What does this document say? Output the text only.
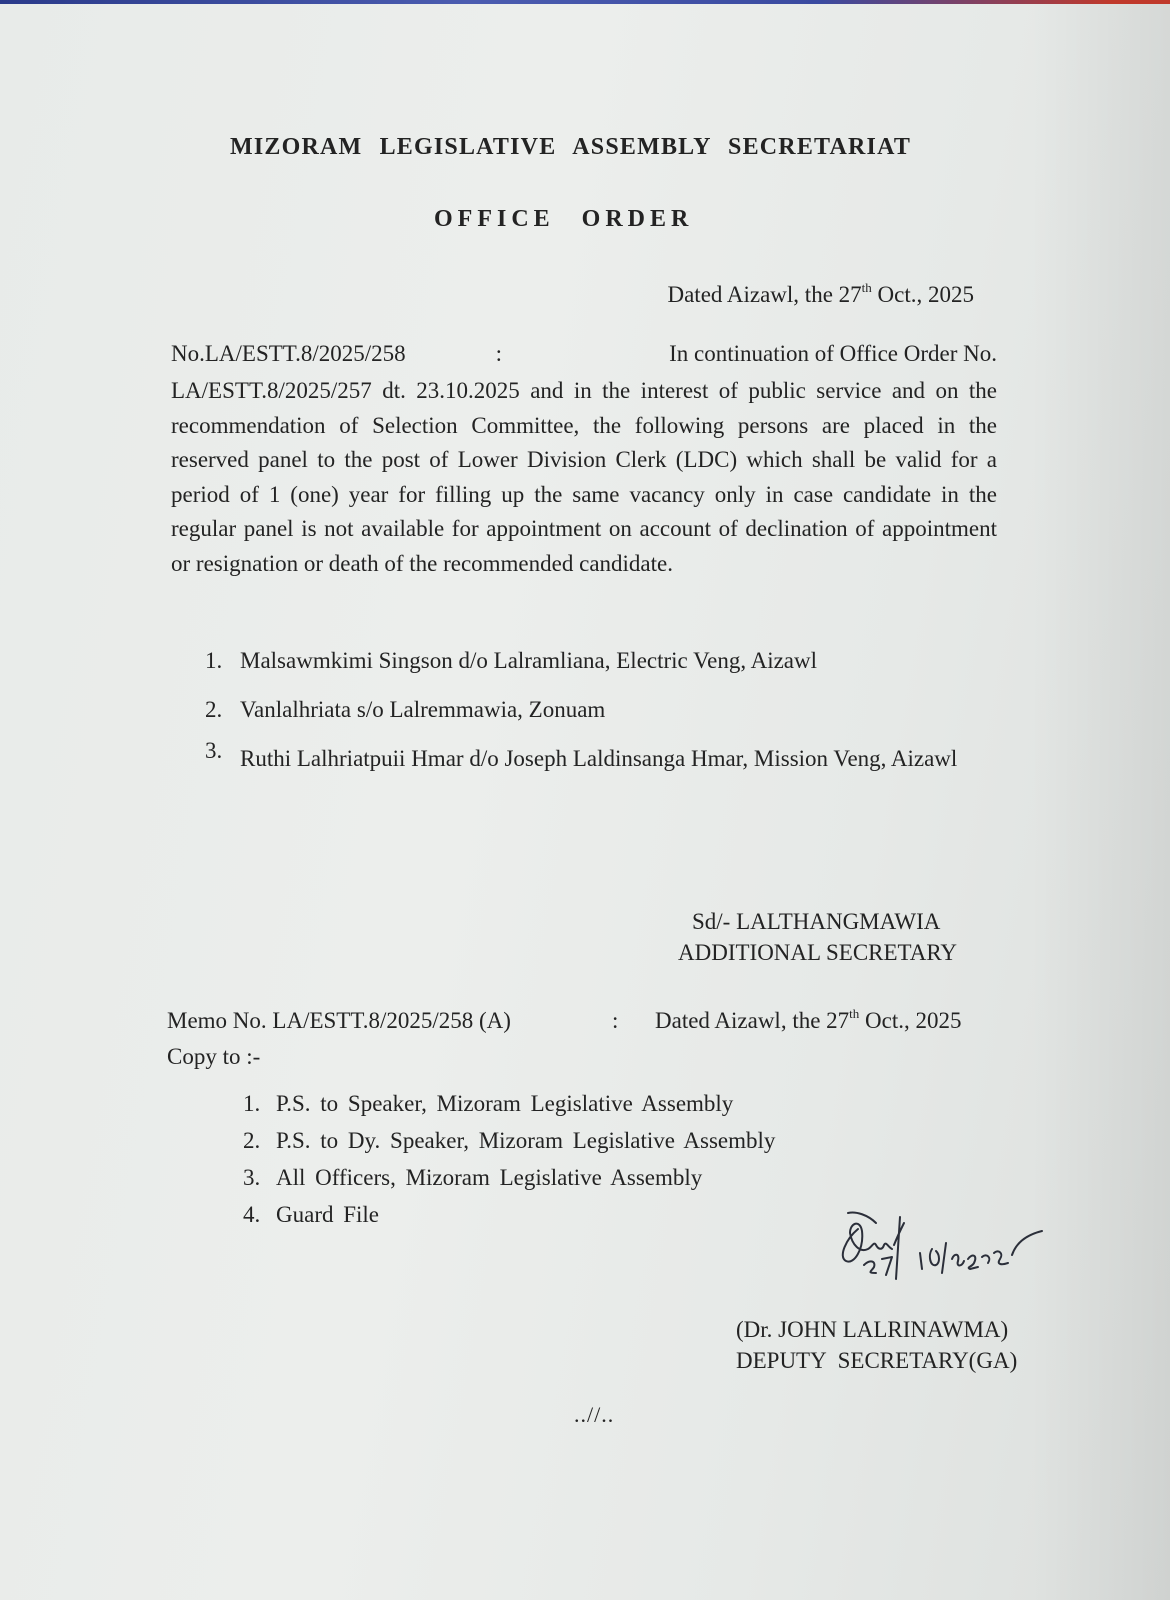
MIZORAM LEGISLATIVE ASSEMBLY SECRETARIAT
OFFICE ORDER
Dated Aizawl, the 27th Oct., 2025
No.LA/ESTT.8/2025/258	:	In continuation of Office Order No.
LA/ESTT.8/2025/257 dt. 23.10.2025 and in the interest of public service and on the recommendation of Selection Committee, the following persons are placed in the reserved panel to the post of Lower Division Clerk (LDC) which shall be valid for a period of 1 (one) year for filling up the same vacancy only in case candidate in the regular panel is not available for appointment on account of declination of appointment or resignation or death of the recommended candidate.
1. Malsawmkimi Singson d/o Lalramliana, Electric Veng, Aizawl
2. Vanlalhriata s/o Lalremmawia, Zonuam
3. Ruthi Lalhriatpuii Hmar d/o Joseph Laldinsanga Hmar, Mission Veng, Aizawl
Sd/- LALTHANGMAWIA
ADDITIONAL SECRETARY
Memo No. LA/ESTT.8/2025/258 (A)	: Dated Aizawl, the 27th Oct., 2025
Copy to :-
1. P.S. to Speaker, Mizoram Legislative Assembly
2. P.S. to Dy. Speaker, Mizoram Legislative Assembly
3. All Officers, Mizoram Legislative Assembly
4. Guard File
27/10/2025
(Dr. JOHN LALRINAWMA)
DEPUTY SECRETARY(GA)
..//..
